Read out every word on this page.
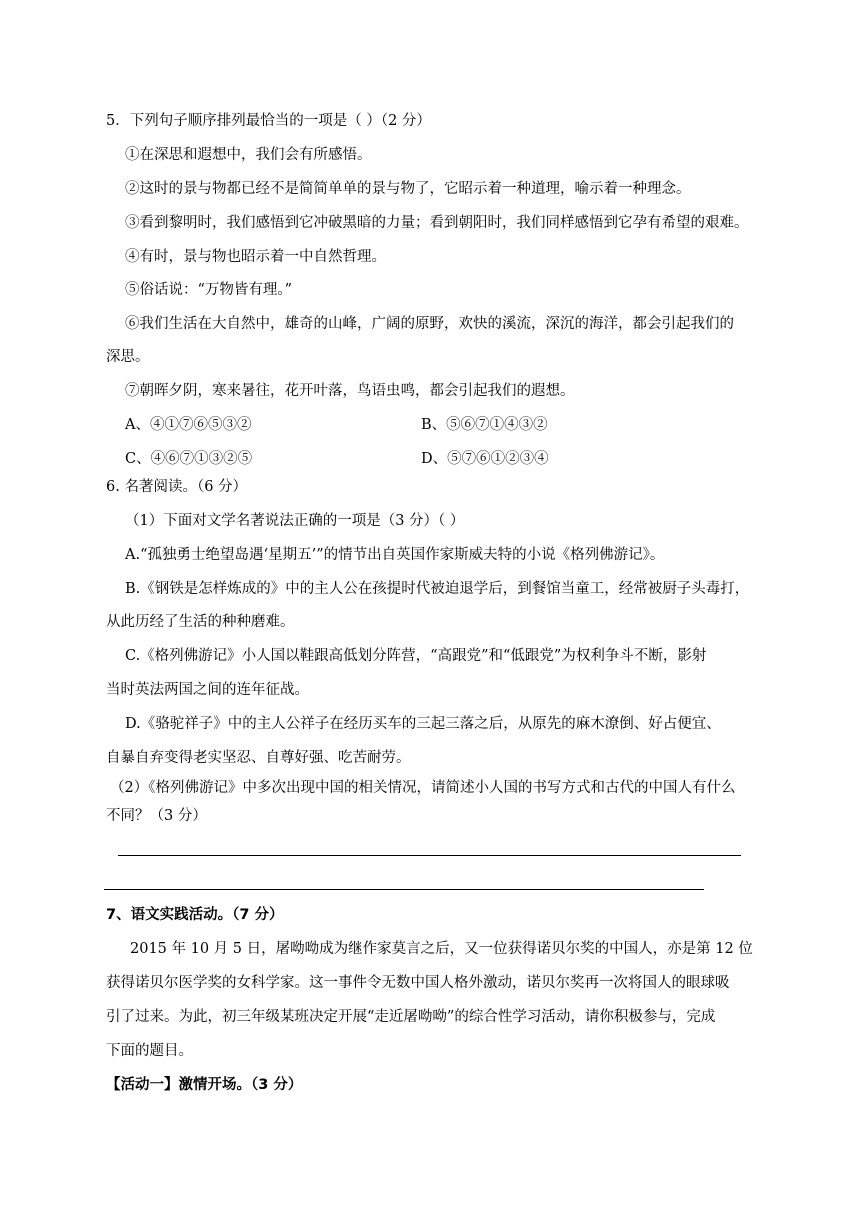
5．下列句子顺序排列最恰当的一项是（ ）（2 分）
①在深思和遐想中，我们会有所感悟。
②这时的景与物都已经不是简简单单的景与物了，它昭示着一种道理，喻示着一种理念。
③看到黎明时，我们感悟到它冲破黑暗的力量；看到朝阳时，我们同样感悟到它孕有希望的艰难。
④有时，景与物也昭示着一中自然哲理。
⑤俗话说：“万物皆有理。”
⑥我们生活在大自然中，雄奇的山峰，广阔的原野，欢快的溪流，深沉的海洋，都会引起我们的
深思。
⑦朝晖夕阴，寒来暑往，花开叶落，鸟语虫鸣，都会引起我们的遐想。
A、④①⑦⑥⑤③②	B、⑤⑥⑦①④③②
C、④⑥⑦①③②⑤	D、⑤⑦⑥①②③④
6. 名著阅读。（6 分）
（1）下面对文学名著说法正确的一项是（3 分）（ ）
A.“孤独勇士绝望岛遇‘星期五’”的情节出自英国作家斯威夫特的小说《格列佛游记》。
B.《钢铁是怎样炼成的》中的主人公在孩提时代被迫退学后，到餐馆当童工，经常被厨子头毒打，
从此历经了生活的种种磨难。
C.《格列佛游记》小人国以鞋跟高低划分阵营，“高跟党”和“低跟党”为权利争斗不断，影射
当时英法两国之间的连年征战。
D.《骆驼祥子》中的主人公祥子在经历买车的三起三落之后，从原先的麻木潦倒、好占便宜、
自暴自弃变得老实坚忍、自尊好强、吃苦耐劳。
（2）《格列佛游记》中多次出现中国的相关情况，请简述小人国的书写方式和古代的中国人有什么
不同？（3 分）
7、语文实践活动。（7 分）
2015 年 10 月 5 日，屠呦呦成为继作家莫言之后，又一位获得诺贝尔奖的中国人，亦是第 12 位
获得诺贝尔医学奖的女科学家。这一事件令无数中国人格外激动，诺贝尔奖再一次将国人的眼球吸
引了过来。为此，初三年级某班决定开展“走近屠呦呦”的综合性学习活动，请你积极参与，完成
下面的题目。
【活动一】激情开场。（3 分）
